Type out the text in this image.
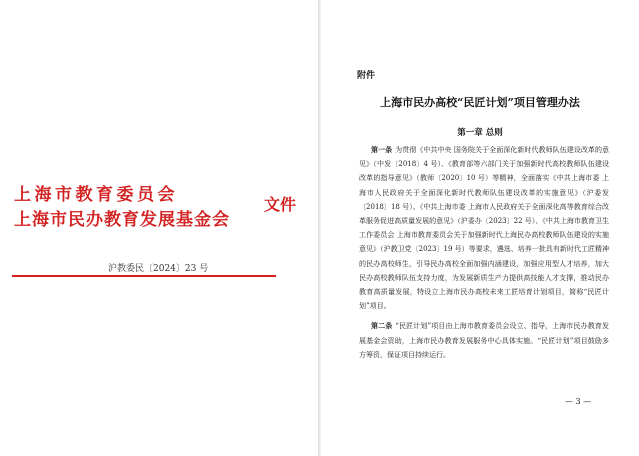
上海市教育委员会
上海市民办教育发展基金会
文件
沪教委民〔2024〕23 号
附件
上海市民办高校“民匠计划”项目管理办法
第一章 总则

第一条 为贯彻《中共中央 国务院关于全面深化新时代教师队伍建设改革的意见》（中发〔2018〕4 号）、《教育部等六部门关于加强新时代高校教师队伍建设改革的指导意见》（教师〔2020〕10 号）等精神，全面落实《中共上海市委 上海市人民政府关于全面深化新时代教师队伍建设改革的实施意见》（沪委发〔2018〕18 号）、《中共上海市委 上海市人民政府关于全面深化高等教育综合改革服务促进高质量发展的意见》（沪委办〔2023〕22 号）、《中共上海市教育卫生工作委员会 上海市教育委员会关于加强新时代上海民办高校教师队伍建设的实施意见》（沪教卫党〔2023〕19 号）等要求，遴选、培养一批具有新时代工匠精神的民办高校师生，引导民办高校全面加强内涵建设，加强应用型人才培养，加大民办高校教师队伍支持力度，为发展新质生产力提供高技能人才支撑，推动民办教育高质量发展，特设立上海市民办高校未来工匠培育计划项目，简称“民匠计划”项目。

第二条 “民匠计划”项目由上海市教育委员会设立、指导，上海市民办教育发展基金会资助，上海市民办教育发展服务中心具体实施。“民匠计划”项目鼓励多方筹资，保证项目持续运行。

— 3 —
